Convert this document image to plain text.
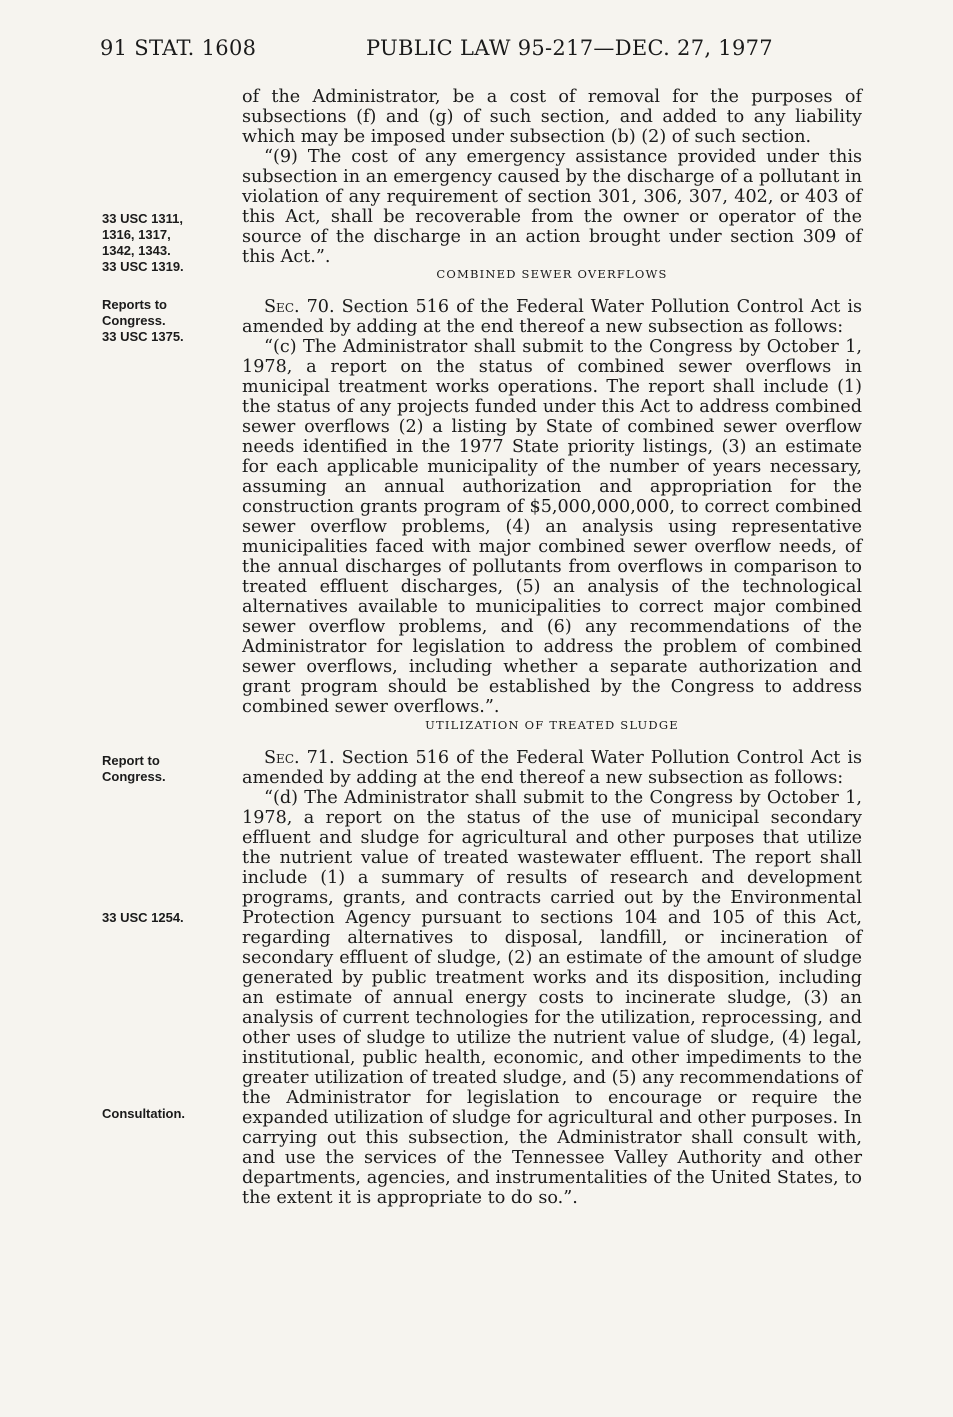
91 STAT. 1608	PUBLIC LAW 95-217—DEC. 27, 1977
33 USC 1311,
1316, 1317,
1342, 1343.
33 USC 1319.
Reports to
Congress.
33 USC 1375.
Report to
Congress.
33 USC 1254.
Consultation.

of the Administrator, be a cost of removal for the purposes of subsections (f) and (g) of such section, and added to any liability which may be imposed under subsection (b) (2) of such section.

“(9) The cost of any emergency assistance provided under this subsection in an emergency caused by the discharge of a pollutant in violation of any requirement of section 301, 306, 307, 402, or 403 of this Act, shall be recoverable from the owner or operator of the source of the discharge in an action brought under section 309 of this Act.”.

COMBINED SEWER OVERFLOWS

Sec. 70. Section 516 of the Federal Water Pollution Control Act is amended by adding at the end thereof a new subsection as follows:

“(c) The Administrator shall submit to the Congress by October 1, 1978, a report on the status of combined sewer overflows in municipal treatment works operations. The report shall include (1) the status of any projects funded under this Act to address combined sewer overflows (2) a listing by State of combined sewer overflow needs identified in the 1977 State priority listings, (3) an estimate for each applicable municipality of the number of years necessary, assuming an annual authorization and appropriation for the construction grants program of $5,000,000,000, to correct combined sewer overflow problems, (4) an analysis using representative municipalities faced with major combined sewer overflow needs, of the annual discharges of pollutants from overflows in comparison to treated effluent discharges, (5) an analysis of the technological alternatives available to municipalities to correct major combined sewer overflow problems, and (6) any recommendations of the Administrator for legislation to address the problem of combined sewer overflows, including whether a separate authorization and grant program should be established by the Congress to address combined sewer overflows.”.

UTILIZATION OF TREATED SLUDGE

Sec. 71. Section 516 of the Federal Water Pollution Control Act is amended by adding at the end thereof a new subsection as follows:

“(d) The Administrator shall submit to the Congress by October 1, 1978, a report on the status of the use of municipal secondary effluent and sludge for agricultural and other purposes that utilize the nutrient value of treated wastewater effluent. The report shall include (1) a summary of results of research and development programs, grants, and contracts carried out by the Environmental Protection Agency pursuant to sections 104 and 105 of this Act, regarding alternatives to disposal, landfill, or incineration of secondary effluent of sludge, (2) an estimate of the amount of sludge generated by public treatment works and its disposition, including an estimate of annual energy costs to incinerate sludge, (3) an analysis of current technologies for the utilization, reprocessing, and other uses of sludge to utilize the nutrient value of sludge, (4) legal, institutional, public health, economic, and other impediments to the greater utilization of treated sludge, and (5) any recommendations of the Administrator for legislation to encourage or require the expanded utilization of sludge for agricultural and other purposes. In carrying out this subsection, the Administrator shall consult with, and use the services of the Tennessee Valley Authority and other departments, agencies, and instrumentalities of the United States, to the extent it is appropriate to do so.”.
